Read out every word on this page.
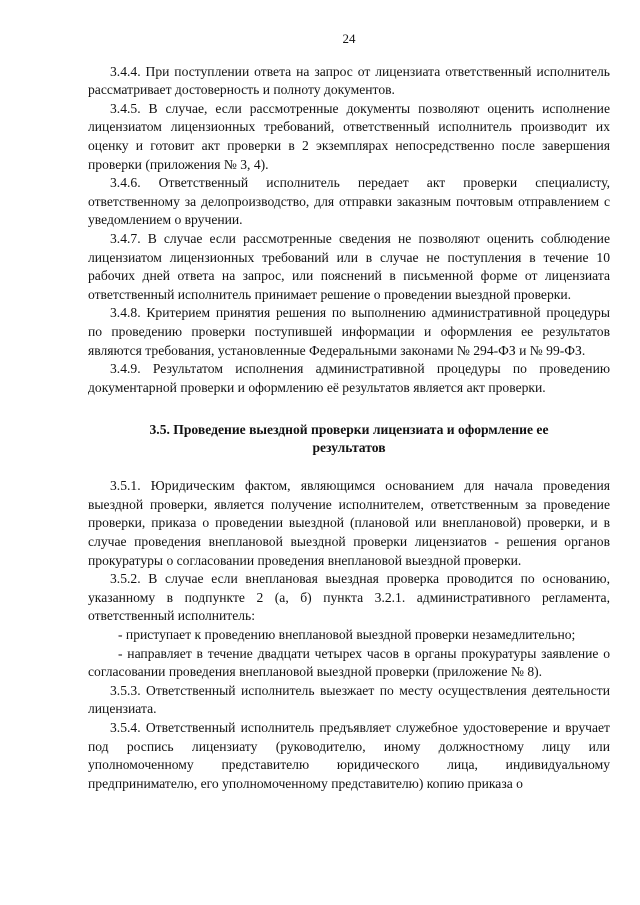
24

3.4.4. При поступлении ответа на запрос от лицензиата ответственный исполнитель рассматривает достоверность и полноту документов.

3.4.5. В случае, если рассмотренные документы позволяют оценить исполнение лицензиатом лицензионных требований, ответственный исполнитель производит их оценку и готовит акт проверки в 2 экземплярах непосредственно после завершения проверки (приложения № 3, 4).

3.4.6. Ответственный исполнитель передает акт проверки специалисту, ответственному за делопроизводство, для отправки заказным почтовым отправлением с уведомлением о вручении.

3.4.7. В случае если рассмотренные сведения не позволяют оценить соблюдение лицензиатом лицензионных требований или в случае не поступления в течение 10 рабочих дней ответа на запрос, или пояснений в письменной форме от лицензиата ответственный исполнитель принимает решение о проведении выездной проверки.

3.4.8. Критерием принятия решения по выполнению административной процедуры по проведению проверки поступившей информации и оформления ее результатов являются требования, установленные Федеральными законами № 294-ФЗ и № 99-ФЗ.

3.4.9. Результатом исполнения административной процедуры по проведению документарной проверки и оформлению её результатов является акт проверки.

3.5. Проведение выездной проверки лицензиата и оформление ее результатов

3.5.1. Юридическим фактом, являющимся основанием для начала проведения выездной проверки, является получение исполнителем, ответственным за проведение проверки, приказа о проведении выездной (плановой или внеплановой) проверки, и в случае проведения внеплановой выездной проверки лицензиатов - решения органов прокуратуры о согласовании проведения внеплановой выездной проверки.

3.5.2. В случае если внеплановая выездная проверка проводится по основанию, указанному в подпункте 2 (а, б) пункта 3.2.1. административного регламента, ответственный исполнитель:

- приступает к проведению внеплановой выездной проверки незамедлительно;

- направляет в течение двадцати четырех часов в органы прокуратуры заявление о согласовании проведения внеплановой выездной проверки (приложение № 8).

3.5.3. Ответственный исполнитель выезжает по месту осуществления деятельности лицензиата.

3.5.4. Ответственный исполнитель предъявляет служебное удостоверение и вручает под роспись лицензиату (руководителю, иному должностному лицу или уполномоченному представителю юридического лица, индивидуальному предпринимателю, его уполномоченному представителю) копию приказа о
